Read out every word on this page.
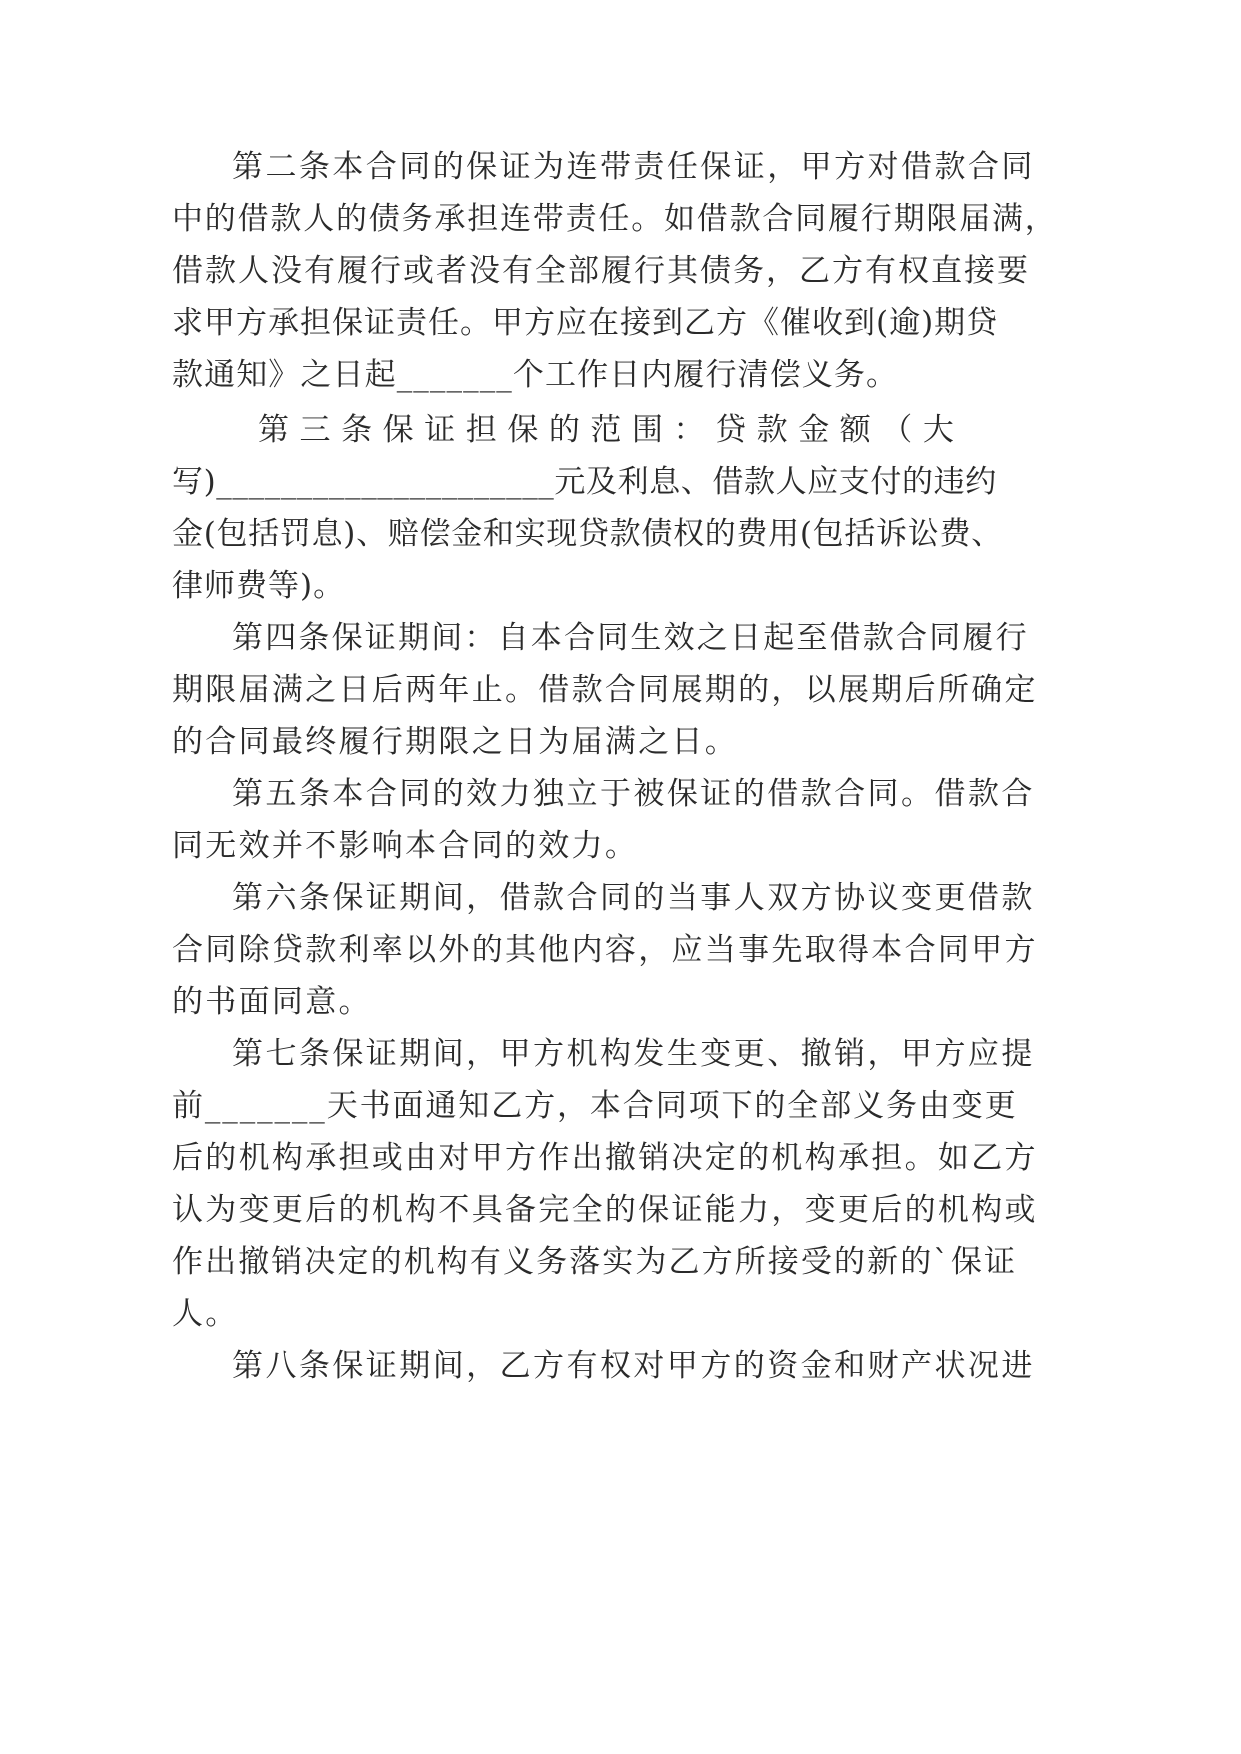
第二条本合同的保证为连带责任保证，甲方对借款合同
中的借款人的债务承担连带责任。如借款合同履行期限届满，
借款人没有履行或者没有全部履行其债务，乙方有权直接要
求甲方承担保证责任。甲方应在接到乙方《催收到(逾)期贷
款通知》之日起_______个工作日内履行清偿义务。
第 三 条 保 证 担 保 的 范 围 ： 贷 款 金 额 （ 大
写)_____________________元及利息、借款人应支付的违约
金(包括罚息)、赔偿金和实现贷款债权的费用(包括诉讼费、
律师费等)。
第四条保证期间：自本合同生效之日起至借款合同履行
期限届满之日后两年止。借款合同展期的，以展期后所确定
的合同最终履行期限之日为届满之日。
第五条本合同的效力独立于被保证的借款合同。借款合
同无效并不影响本合同的效力。
第六条保证期间，借款合同的当事人双方协议变更借款
合同除贷款利率以外的其他内容，应当事先取得本合同甲方
的书面同意。
第七条保证期间，甲方机构发生变更、撤销，甲方应提
前_______天书面通知乙方，本合同项下的全部义务由变更
后的机构承担或由对甲方作出撤销决定的机构承担。如乙方
认为变更后的机构不具备完全的保证能力，变更后的机构或
作出撤销决定的机构有义务落实为乙方所接受的新的`保证
人。
第八条保证期间，乙方有权对甲方的资金和财产状况进
